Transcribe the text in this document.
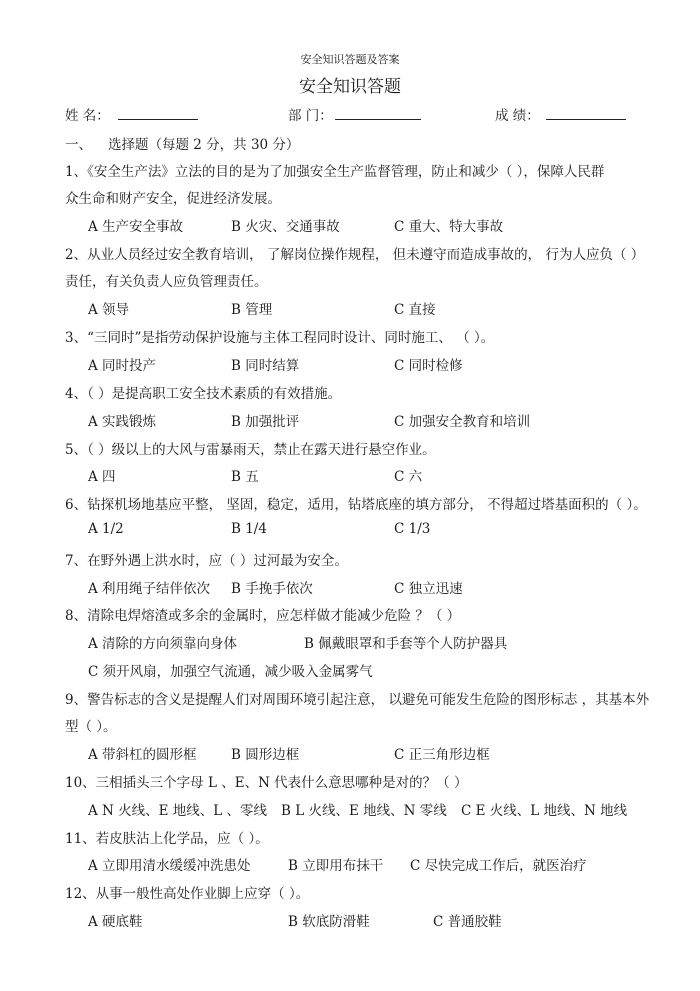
安全知识答题及答案
安全知识答题
姓 名：	部 门：	成 绩：
一、 选择题（每题 2 分，共 30 分）
1、《安全生产法》立法的目的是为了加强安全生产监督管理，防止和减少（ ），保障人民群
众生命和财产安全，促进经济发展。
A 生产安全事故	B 火灾、交通事故	C 重大、特大事故
2、从业人员经过安全教育培训， 了解岗位操作规程， 但未遵守而造成事故的， 行为人应负（ ）
责任，有关负责人应负管理责任。
A 领导	B 管理	C 直接
3、“三同时”是指劳动保护设施与主体工程同时设计、同时施工、 （ ）。
A 同时投产	B 同时结算	C 同时检修
4、（ ）是提高职工安全技术素质的有效措施。
A 实践锻炼	B 加强批评	C 加强安全教育和培训
5、（ ）级以上的大风与雷暴雨天，禁止在露天进行悬空作业。
A 四	B 五	C 六
6、钻探机场地基应平整， 坚固，稳定，适用，钻塔底座的填方部分， 不得超过塔基面积的（ ）。
A 1/2	B 1/4	C 1/3
7、在野外遇上洪水时，应（ ）过河最为安全。
A 利用绳子结伴依次 B 手挽手依次	C 独立迅速
8、清除电焊熔渣或多余的金属时，应怎样做才能减少危险 ？（ ）
A 清除的方向须靠向身体	B 佩戴眼罩和手套等个人防护器具
C 须开风扇，加强空气流通，减少吸入金属雾气
9、警告标志的含义是提醒人们对周围环境引起注意， 以避免可能发生危险的图形标志 ，其基本外
型（ ）。
A 带斜杠的圆形框	B 圆形边框	C 正三角形边框
10、三相插头三个字母 L 、E、N 代表什么意思哪种是对的？（ ）
A N 火线、E 地线、L 、零线 B L 火线、E 地线、N 零线 C E 火线、L 地线、N 地线
11、若皮肤沾上化学品，应（ ）。
A 立即用清水缓缓冲洗患处	B 立即用布抹干 C 尽快完成工作后，就医治疗
12、从事一般性高处作业脚上应穿（ ）。
A 硬底鞋	B 软底防滑鞋	C 普通胶鞋
